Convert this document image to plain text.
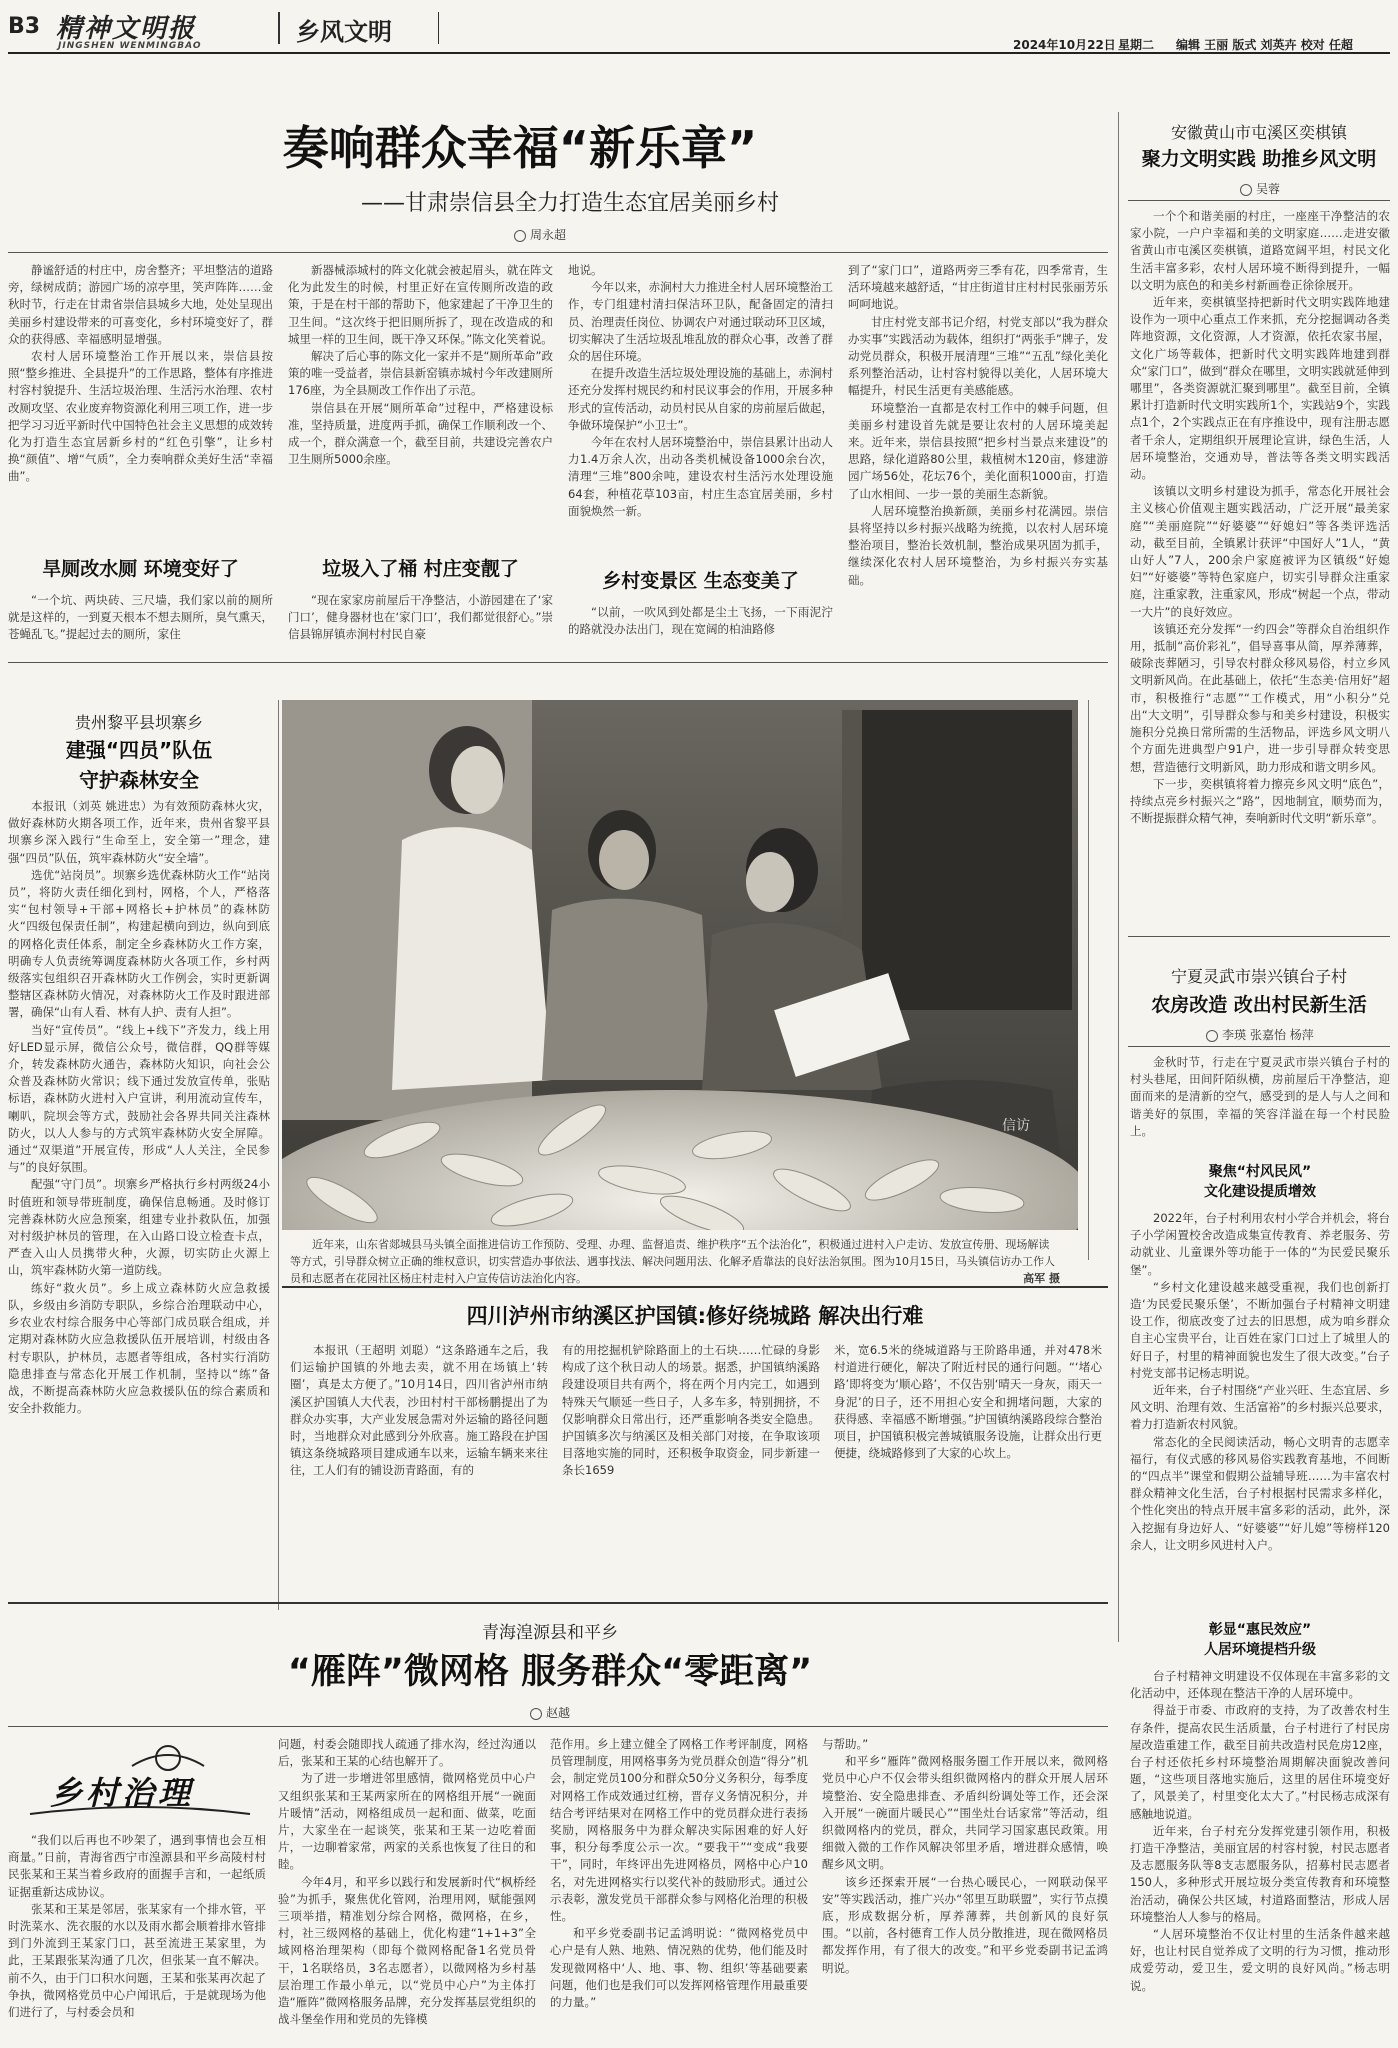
B3 精神文明报
JINGSHEN WENMINGBAO	乡风文明	2024年10月22日 星期二 编辑 王丽 版式 刘英卉 校对 任超
奏响群众幸福“新乐章”
——甘肃崇信县全力打造生态宜居美丽乡村
周永超

静谧舒适的村庄中，房舍整齐；平坦整洁的道路旁，绿树成荫；游园广场的凉亭里，笑声阵阵……金秋时节，行走在甘肃省崇信县城乡大地，处处呈现出美丽乡村建设带来的可喜变化，乡村环境变好了，群众的获得感、幸福感明显增强。

农村人居环境整治工作开展以来，崇信县按照“整乡推进、全县提升”的工作思路，整体有序推进村容村貌提升、生活垃圾治理、生活污水治理、农村改厕攻坚、农业废弃物资源化利用三项工作，进一步把学习习近平新时代中国特色社会主义思想的成效转化为打造生态宜居新乡村的“红色引擎”，让乡村换“颜值”、增“气质”，全力奏响群众美好生活“幸福曲”。

新器械添城村的阵文化就会被起眉头，就在阵文化为此发生的时候，村里正好在宣传厕所改造的政策，于是在村干部的帮助下，他家建起了干净卫生的卫生间。“这次终于把旧厕所拆了，现在改造成的和城里一样的卫生间，既干净又环保。”陈文化笑着说。

解决了后心事的陈文化一家并不是“厕所革命”政策的唯一受益者，崇信县新窑镇赤城村今年改建厕所176座，为全县厕改工作作出了示范。

崇信县在开展“厕所革命”过程中，严格建设标准，坚持质量，进度两手抓，确保工作顺利改一个、成一个，群众满意一个，截至目前，共建设完善农户卫生厕所5000余座。

地说。

今年以来，赤涧村大力推进全村人居环境整治工作，专门组建村清扫保洁环卫队，配备固定的清扫员、治理责任岗位、协调农户对通过联动环卫区域，切实解决了生活垃圾乱堆乱放的群众心事，改善了群众的居住环境。

在提升改造生活垃圾处理设施的基础上，赤涧村还充分发挥村规民约和村民议事会的作用，开展多种形式的宣传活动，动员村民从自家的房前屋后做起，争做环境保护“小卫士”。

今年在农村人居环境整治中，崇信县累计出动人力1.4万余人次，出动各类机械设备1000余台次，清理“三堆”800余吨，建设农村生活污水处理设施64套，种植花草103亩，村庄生态宜居美丽，乡村面貌焕然一新。

到了“家门口”，道路两旁三季有花，四季常青，生活环境越来越舒适，“甘庄街道甘庄村村民张丽芳乐呵呵地说。

甘庄村党支部书记介绍，村党支部以“我为群众办实事”实践活动为载体，组织打“两张手”牌子，发动党员群众，积极开展清理“三堆”“五乱”绿化美化系列整治活动，让村容村貌得以美化，人居环境大幅提升，村民生活更有美感能感。

环境整治一直都是农村工作中的棘手问题，但美丽乡村建设首先就是要让农村的人居环境美起来。近年来，崇信县按照“把乡村当景点来建设”的思路，绿化道路80公里，栽植树木120亩，修建游园广场56处，花坛76个，美化面积1000亩，打造了山水相间、一步一景的美丽生态新貌。

人居环境整治换新颜，美丽乡村花满园。崇信县将坚持以乡村振兴战略为统揽，以农村人居环境整治项目，整治长效机制，整治成果巩固为抓手，继续深化农村人居环境整治，为乡村振兴夯实基础。

旱厕改水厕 环境变好了	垃圾入了桶 村庄变靓了
乡村变景区 生态变美了

“一个坑、两块砖、三尺墙，我们家以前的厕所就是这样的，一到夏天根本不想去厕所，臭气熏天，苍蝇乱飞。”提起过去的厕所，家住

“现在家家房前屋后干净整洁，小游园建在了‘家门口’，健身器材也在‘家门口’，我们都觉很舒心。”崇信县锦屏镇赤涧村村民自豪

“以前，一吹风到处都是尘土飞扬，一下雨泥泞的路就没办法出门，现在宽阔的柏油路修

安徽黄山市屯溪区奕棋镇
聚力文明实践 助推乡风文明
吴蓉

一个个和谐美丽的村庄，一座座干净整洁的农家小院，一户户幸福和美的文明家庭……走进安徽省黄山市屯溪区奕棋镇，道路宽阔平坦，村民文化生活丰富多彩，农村人居环境不断得到提升，一幅以文明为底色的和美乡村新画卷正徐徐展开。

近年来，奕棋镇坚持把新时代文明实践阵地建设作为一项中心重点工作来抓，充分挖掘调动各类阵地资源，文化资源，人才资源，依托农家书屋，文化广场等载体，把新时代文明实践阵地建到群众“家门口”，做到“群众在哪里，文明实践就延伸到哪里”，各类资源就汇聚到哪里”。截至目前，全镇累计打造新时代文明实践所1个，实践站9个，实践点1个，2个实践点正在有序推设中，现有注册志愿者千余人，定期组织开展理论宣讲，绿色生活，人居环境整治，交通劝导，普法等各类文明实践活动。

该镇以文明乡村建设为抓手，常态化开展社会主义核心价值观主题实践活动，广泛开展“最美家庭”“美丽庭院”“好婆婆”“好媳妇”等各类评选活动，截至目前，全镇累计获评“中国好人”1人，“黄山好人”7人，200余户家庭被评为区镇级“好媳妇”“好婆婆”等特色家庭户，切实引导群众注重家庭，注重家教，注重家风，形成“树起一个点，带动一大片”的良好效应。

该镇还充分发挥“一约四会”等群众自治组织作用，抵制“高价彩礼”，倡导喜事从简，厚养薄葬，破除丧葬陋习，引导农村群众移风易俗，村立乡风文明新风尚。在此基础上，依托“生态美·信用好”超市，积极推行“志愿”“工作模式，用“小积分”兑出“大文明”，引导群众参与和美乡村建设，积极实施积分兑换日常所需的生活物品，评选乡风文明八个方面先进典型户91户，进一步引导群众转变思想，营造德行文明新风，助力形成和谐文明乡风。

下一步，奕棋镇将着力擦亮乡风文明“底色”，持续点亮乡村振兴之“路”，因地制宜，顺势而为，不断提振群众精气神，奏响新时代文明“新乐章”。

贵州黎平县坝寨乡
建强“四员”队伍
守护森林安全

本报讯（刘英 姚进忠）为有效预防森林火灾，做好森林防火期各项工作，近年来，贵州省黎平县坝寨乡深入践行“生命至上，安全第一”理念，建强“四员”队伍，筑牢森林防火“安全墙”。

选优“站岗员”。坝寨乡选优森林防火工作“站岗员”，将防火责任细化到村，网格，个人，严格落实“包村领导+干部+网格长+护林员”的森林防火“四级包保责任制”，构建起横向到边，纵向到底的网格化责任体系，制定全乡森林防火工作方案，明确专人负责统筹调度森林防火各项工作，乡村两级落实包组织召开森林防火工作例会，实时更新调整辖区森林防火情况，对森林防火工作及时跟进部署，确保“山有人看、林有人护、责有人担”。

当好“宣传员”。“线上+线下”齐发力，线上用好LED显示屏，微信公众号，微信群，QQ群等媒介，转发森林防火通告，森林防火知识，向社会公众普及森林防火常识；线下通过发放宣传单，张贴标语，森林防火进村入户宣讲，利用流动宣传车，喇叭，院坝会等方式，鼓励社会各界共同关注森林防火，以人人参与的方式筑牢森林防火安全屏障。通过“双渠道”开展宣传，形成“人人关注，全民参与”的良好氛围。

配强“守门员”。坝寨乡严格执行乡村两级24小时值班和领导带班制度，确保信息畅通。及时修订完善森林防火应急预案，组建专业扑救队伍，加强对村级护林员的管理，在入山路口设立检查卡点，严查入山人员携带火种，火源，切实防止火源上山，筑牢森林防火第一道防线。

练好“救火员”。乡上成立森林防火应急救援队，乡级由乡消防专职队，乡综合治理联动中心，乡农业农村综合服务中心等部门成员联合组成，并定期对森林防火应急救援队伍开展培训，村级由各村专职队，护林员，志愿者等组成，各村实行消防隐患排查与常态化开展工作机制，坚持以“练”备战，不断提高森林防火应急救援队伍的综合素质和安全扑救能力。

信访
近年来，山东省郯城县马头镇全面推进信访工作预防、受理、办理、监督追责、维护秩序“五个法治化”，积极通过进村入户走访、发放宣传册、现场解读等方式，引导群众树立正确的维权意识，切实营造办事依法、遇事找法、解决问题用法、化解矛盾靠法的良好法治氛围。图为10月15日，马头镇信访办工作人员和志愿者在花园社区杨庄村走村入户宣传信访法治化内容。	高军 摄
四川泸州市纳溪区护国镇:修好绕城路 解决出行难

本报讯（王超明 刘聪）“这条路通车之后，我们运输护国镇的外地去卖，就不用在场镇上‘转圈’，真是太方便了。”10月14日，四川省泸州市纳溪区护国镇人大代表，沙田村村干部杨鹏提出了为群众办实事，大产业发展急需对外运输的路径问题时，当地群众对此感到分外欣喜。施工路段在护国镇这条绕城路项目建成通车以来，运输车辆来来往往，工人们有的铺设沥青路面，有的

有的用挖掘机铲除路面上的土石块……忙碌的身影构成了这个秋日动人的场景。据悉，护国镇纳溪路段建设项目共有两个，将在两个月内完工，如遇到特殊天气顺延一些日子，人多车多，特别拥挤，不仅影响群众日常出行，还严重影响各类安全隐患。护国镇多次与纳溪区及相关部门对接，在争取该项目落地实施的同时，还积极争取资金，同步新建一条长1659

米，宽6.5米的绕城道路与王阶路串通，并对478米村道进行硬化，解决了附近村民的通行问题。“‘堵心路’即将变为‘顺心路’，不仅告别‘晴天一身灰，雨天一身泥’的日子，还不用担心安全和拥堵问题，大家的获得感、幸福感不断增强。”护国镇纳溪路段综合整治项目，护国镇积极完善城镇服务设施，让群众出行更便捷，绕城路修到了大家的心坎上。

宁夏灵武市崇兴镇台子村
农房改造 改出村民新生活
李瑛 张嘉怡 杨萍

金秋时节，行走在宁夏灵武市崇兴镇台子村的村头巷尾，田间阡陌纵横，房前屋后干净整洁，迎面而来的是清新的空气，感受到的是人与人之间和谐美好的氛围，幸福的笑容洋溢在每一个村民脸上。

聚焦“村风民风”
文化建设提质增效

2022年，台子村利用农村小学合并机会，将台子小学闲置校舍改造成集宣传教育、养老服务、劳动就业、儿童课外等功能于一体的“为民爱民聚乐堡”。

“乡村文化建设越来越受重视，我们也创新打造‘为民爱民聚乐堡’，不断加强台子村精神文明建设工作，彻底改变了过去的旧思想，成为咱乡群众自主心宝贵平台，让百姓在家门口过上了城里人的好日子，村里的精神面貌也发生了很大改变。”台子村党支部书记杨志明说。

近年来，台子村围绕“产业兴旺、生态宜居、乡风文明、治理有效、生活富裕”的乡村振兴总要求，着力打造新农村风貌。

常态化的全民阅读活动，畅心文明青的志愿幸福行，有仪式感的移风易俗实践教育基地，不间断的“四点半”课堂和假期公益辅导班……为丰富农村群众精神文化生活，台子村根据村民需求多样化，个性化突出的特点开展丰富多彩的活动，此外，深入挖掘有身边好人、“好婆婆”“好儿媳”等榜样120余人，让文明乡风进村入户。

彰显“惠民效应”
人居环境提档升级

台子村精神文明建设不仅体现在丰富多彩的文化活动中，还体现在整洁干净的人居环境中。

得益于市委、市政府的支持，为了改善农村生存条件，提高农民生活质量，台子村进行了村民房屋改造重建工作，截至目前共改造村民危房12座，台子村还依托乡村环境整治周期解决面貌改善问题，“这些项目落地实施后，这里的居住环境变好了，风景美了，村里变化太大了。”村民杨志成深有感触地说道。

近年来，台子村充分发挥党建引领作用，积极打造干净整洁，美丽宜居的村容村貌，村民志愿者及志愿服务队等8支志愿服务队，招募村民志愿者150人，多种形式开展垃圾分类宣传教育和环境整治活动，确保公共区域，村道路面整洁，形成人居环境整治人人参与的格局。

“人居环境整治不仅让村里的生活条件越来越好，也让村民自觉养成了文明的行为习惯，推动形成爱劳动，爱卫生，爱文明的良好风尚。”杨志明说。

青海湟源县和平乡
“雁阵”微网格 服务群众“零距离”
赵越
乡村治理

“我们以后再也不吵架了，遇到事情也会互相商量。”日前，青海省西宁市湟源县和平乡高陵村村民张某和王某当着乡政府的面握手言和，一起纸质证据重新达成协议。

张某和王某是邻居，张某家有一个排水管，平时洗菜水、洗衣服的水以及雨水都会顺着排水管排到门外流到王某家门口，甚至流进王某家里，为此，王某跟张某沟通了几次，但张某一直不解决。前不久，由于门口积水问题，王某和张某再次起了争执，微网格党员中心户闻讯后，于是就现场为他们进行了，与村委会员和

问题，村委会随即找人疏通了排水沟，经过沟通以后，张某和王某的心结也解开了。

为了进一步增进邻里感情，微网格党员中心户又组织张某和王某两家所在的网格组开展“一碗面片暖情”活动，网格组成员一起和面、做菜，吃面片，大家坐在一起谈笑，张某和王某一边吃着面片，一边聊着家常，两家的关系也恢复了往日的和睦。

今年4月，和平乡以践行和发展新时代“枫桥经验”为抓手，聚焦优化管网，治理用网，赋能强网三项举措，精准划分综合网格，微网格，在乡，村，社三级网格的基础上，优化构建“1+1+3”全域网格治理架构（即每个微网格配备1名党员骨干，1名联络员，3名志愿者），以微网格为乡村基层治理工作最小单元，以“党员中心户”为主体打造“雁阵”微网格服务品牌，充分发挥基层党组织的战斗堡垒作用和党员的先锋模

范作用。乡上建立健全了网格工作考评制度，网格员管理制度，用网格事务为党员群众创造“得分”机会，制定党员100分和群众50分义务积分，每季度对网格工作成效通过红榜，晋存义务情况积分，并结合考评结果对在网格工作中的党员群众进行表扬奖励，网格服务中为群众解决实际困难的好人好事，积分每季度公示一次。“要我干”“变成“我要干”，同时，年终评出先进网格员，网格中心户10名，对先进网格实行以奖代补的鼓励形式。通过公示表彰，激发党员干部群众参与网格化治理的积极性。

和平乡党委副书记孟鸿明说：“微网格党员中心户是有人熟、地熟、情况熟的优势，他们能及时发现微网格中‘人、地、事、物、组织’等基础要素问题，他们也是我们可以发挥网格管理作用最重要的力量。”

与帮助。”

和平乡“雁阵”微网格服务圈工作开展以来，微网格党员中心户不仅会带头组织微网格内的群众开展人居环境整治、安全隐患排查、矛盾纠纷调处等工作，还会深入开展“一碗面片暖民心”“围坐灶台话家常”等活动，组织微网格内的党员，群众，共同学习国家惠民政策。用细微入微的工作作风解决邻里矛盾，增进群众感情，唤醒乡风文明。

该乡还探索开展“一台热心暖民心，一网联动保平安”等实践活动，推广兴办“邻里互助联盟”，实行节点摸底，形成数据分析，厚养薄葬，共创新风的良好氛围。“以前，各村德育工作人员分散推进，现在微网格员都发挥作用，有了很大的改变。”和平乡党委副书记孟鸿明说。
